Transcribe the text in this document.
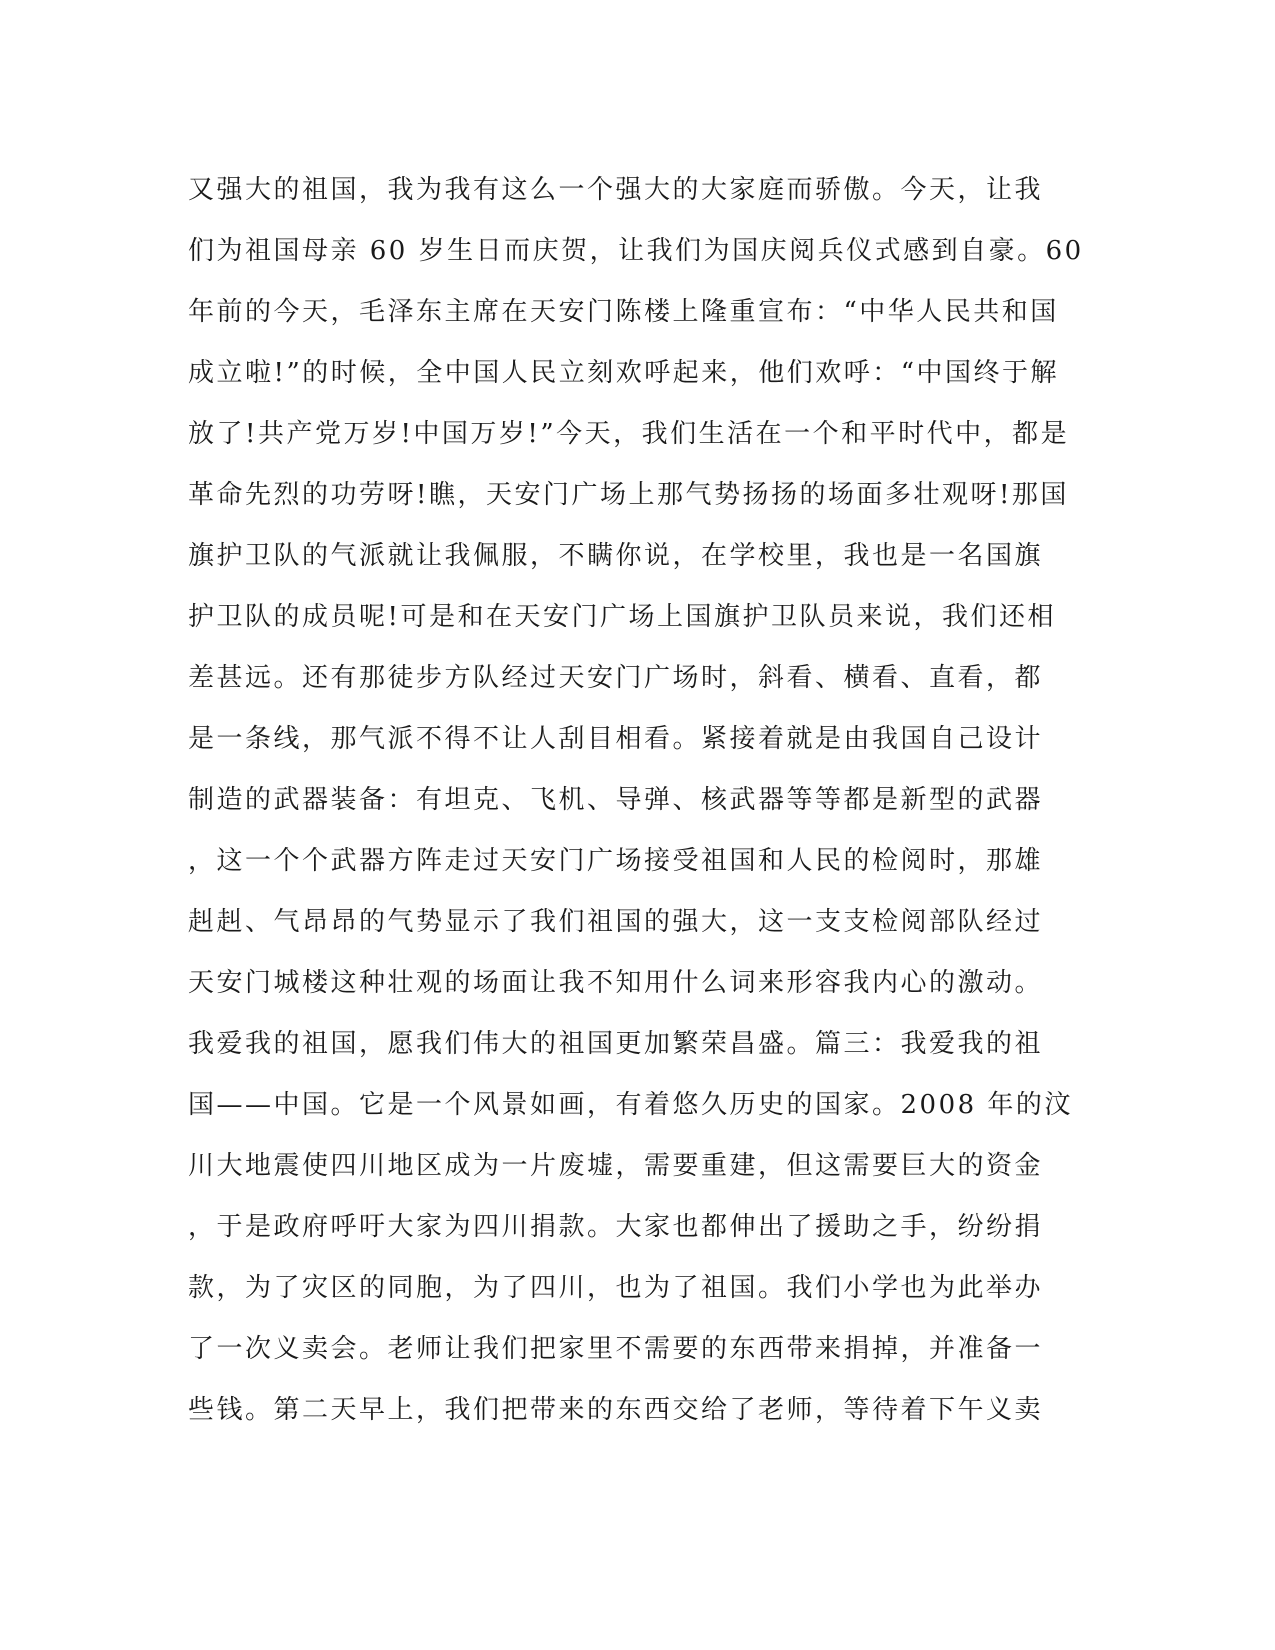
又强大的祖国，我为我有这么一个强大的大家庭而骄傲。今天，让我
们为祖国母亲 60 岁生日而庆贺，让我们为国庆阅兵仪式感到自豪。60
年前的今天，毛泽东主席在天安门陈楼上隆重宣布：“中华人民共和国
成立啦!”的时候，全中国人民立刻欢呼起来，他们欢呼：“中国终于解
放了!共产党万岁!中国万岁!”今天，我们生活在一个和平时代中，都是
革命先烈的功劳呀!瞧，天安门广场上那气势扬扬的场面多壮观呀!那国
旗护卫队的气派就让我佩服，不瞒你说，在学校里，我也是一名国旗
护卫队的成员呢!可是和在天安门广场上国旗护卫队员来说，我们还相
差甚远。还有那徒步方队经过天安门广场时，斜看、横看、直看，都
是一条线，那气派不得不让人刮目相看。紧接着就是由我国自己设计
制造的武器装备：有坦克、飞机、导弹、核武器等等都是新型的武器
，这一个个武器方阵走过天安门广场接受祖国和人民的检阅时，那雄
赳赳、气昂昂的气势显示了我们祖国的强大，这一支支检阅部队经过
天安门城楼这种壮观的场面让我不知用什么词来形容我内心的激动。
我爱我的祖国，愿我们伟大的祖国更加繁荣昌盛。篇三：我爱我的祖
国——中国。它是一个风景如画，有着悠久历史的国家。2008 年的汶
川大地震使四川地区成为一片废墟，需要重建，但这需要巨大的资金
，于是政府呼吁大家为四川捐款。大家也都伸出了援助之手，纷纷捐
款，为了灾区的同胞，为了四川，也为了祖国。我们小学也为此举办
了一次义卖会。老师让我们把家里不需要的东西带来捐掉，并准备一
些钱。第二天早上，我们把带来的东西交给了老师，等待着下午义卖
